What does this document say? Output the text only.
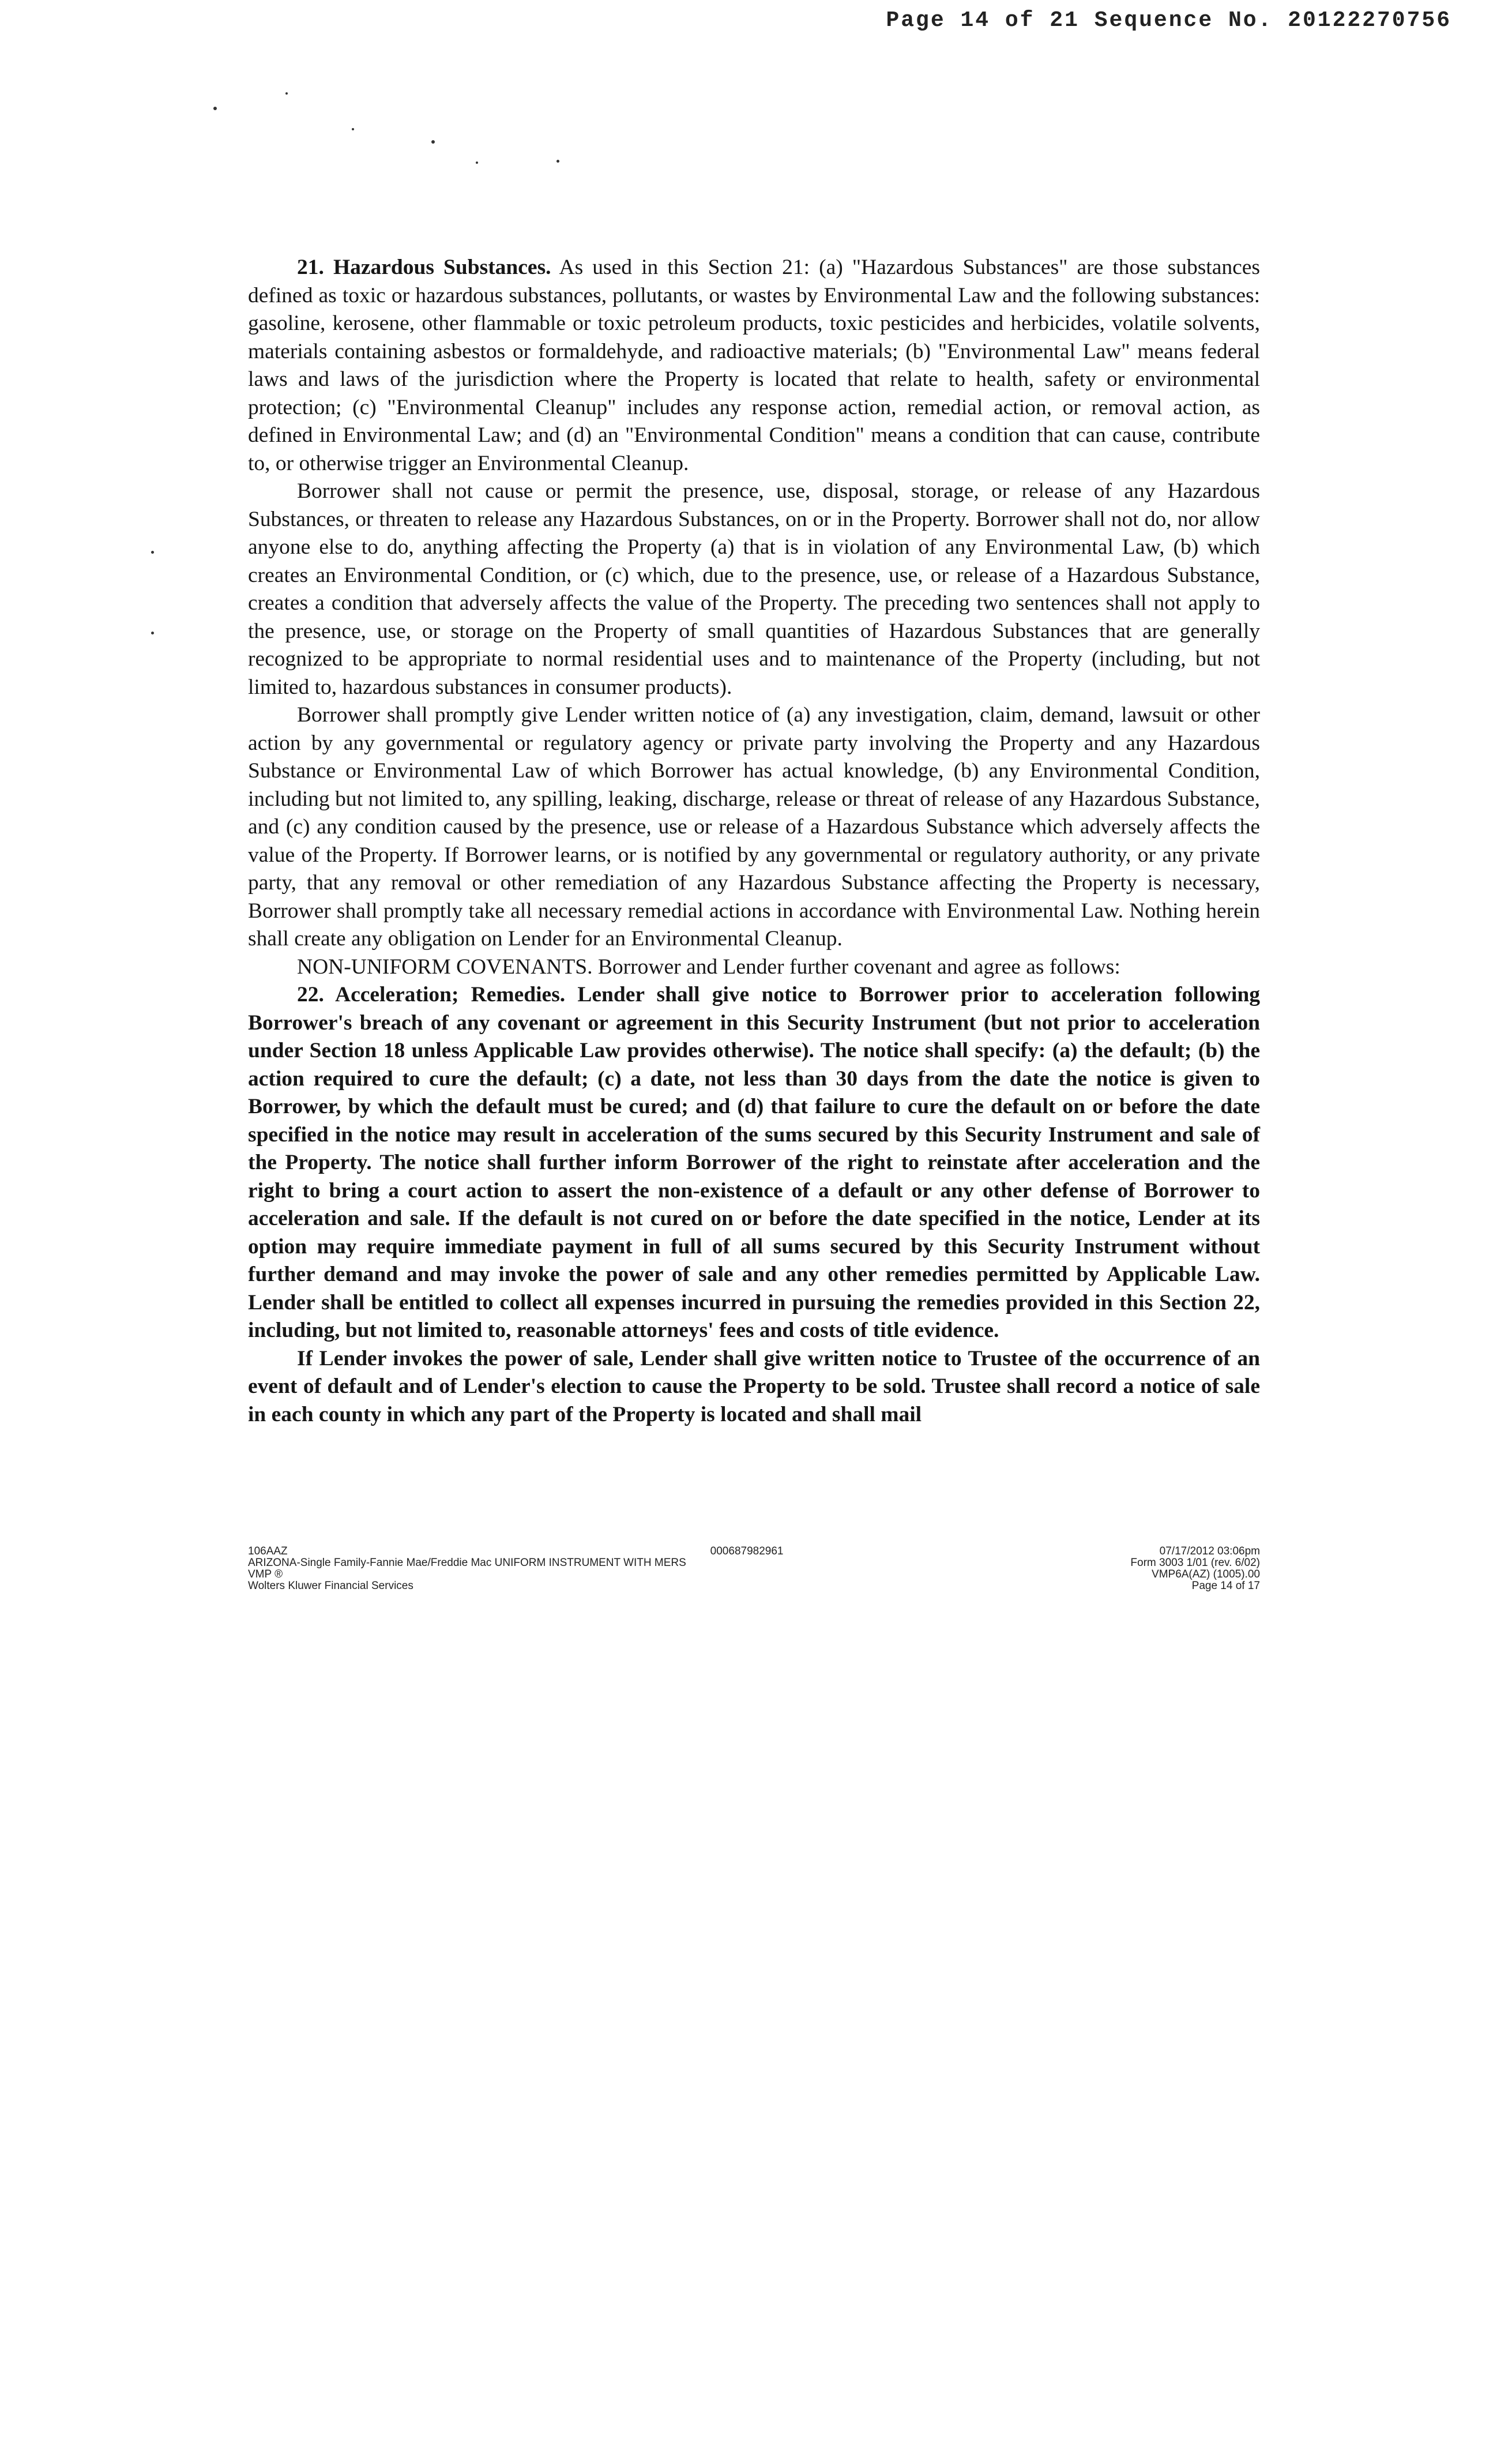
Page 14 of 21 Sequence No. 20122270756

21. Hazardous Substances. As used in this Section 21: (a) "Hazardous Substances" are those substances defined as toxic or hazardous substances, pollutants, or wastes by Environmental Law and the following substances: gasoline, kerosene, other flammable or toxic petroleum products, toxic pesticides and herbicides, volatile solvents, materials containing asbestos or formaldehyde, and radioactive materials; (b) "Environmental Law" means federal laws and laws of the jurisdiction where the Property is located that relate to health, safety or environmental protection; (c) "Environmental Cleanup" includes any response action, remedial action, or removal action, as defined in Environmental Law; and (d) an "Environmental Condition" means a condition that can cause, contribute to, or otherwise trigger an Environmental Cleanup.

Borrower shall not cause or permit the presence, use, disposal, storage, or release of any Hazardous Substances, or threaten to release any Hazardous Substances, on or in the Property. Borrower shall not do, nor allow anyone else to do, anything affecting the Property (a) that is in violation of any Environmental Law, (b) which creates an Environmental Condition, or (c) which, due to the presence, use, or release of a Hazardous Substance, creates a condition that adversely affects the value of the Property. The preceding two sentences shall not apply to the presence, use, or storage on the Property of small quantities of Hazardous Substances that are generally recognized to be appropriate to normal residential uses and to maintenance of the Property (including, but not limited to, hazardous substances in consumer products).

Borrower shall promptly give Lender written notice of (a) any investigation, claim, demand, lawsuit or other action by any governmental or regulatory agency or private party involving the Property and any Hazardous Substance or Environmental Law of which Borrower has actual knowledge, (b) any Environmental Condition, including but not limited to, any spilling, leaking, discharge, release or threat of release of any Hazardous Substance, and (c) any condition caused by the presence, use or release of a Hazardous Substance which adversely affects the value of the Property. If Borrower learns, or is notified by any governmental or regulatory authority, or any private party, that any removal or other remediation of any Hazardous Substance affecting the Property is necessary, Borrower shall promptly take all necessary remedial actions in accordance with Environmental Law. Nothing herein shall create any obligation on Lender for an Environmental Cleanup.

NON-UNIFORM COVENANTS. Borrower and Lender further covenant and agree as follows:

22. Acceleration; Remedies. Lender shall give notice to Borrower prior to acceleration following Borrower's breach of any covenant or agreement in this Security Instrument (but not prior to acceleration under Section 18 unless Applicable Law provides otherwise). The notice shall specify: (a) the default; (b) the action required to cure the default; (c) a date, not less than 30 days from the date the notice is given to Borrower, by which the default must be cured; and (d) that failure to cure the default on or before the date specified in the notice may result in acceleration of the sums secured by this Security Instrument and sale of the Property. The notice shall further inform Borrower of the right to reinstate after acceleration and the right to bring a court action to assert the non-existence of a default or any other defense of Borrower to acceleration and sale. If the default is not cured on or before the date specified in the notice, Lender at its option may require immediate payment in full of all sums secured by this Security Instrument without further demand and may invoke the power of sale and any other remedies permitted by Applicable Law. Lender shall be entitled to collect all expenses incurred in pursuing the remedies provided in this Section 22, including, but not limited to, reasonable attorneys' fees and costs of title evidence.

If Lender invokes the power of sale, Lender shall give written notice to Trustee of the occurrence of an event of default and of Lender's election to cause the Property to be sold. Trustee shall record a notice of sale in each county in which any part of the Property is located and shall mail

106AAZ
ARIZONA-Single Family-Fannie Mae/Freddie Mac UNIFORM INSTRUMENT WITH MERS
VMP ®
Wolters Kluwer Financial Services
000687982961	07/17/2012 03:06pm
Form 3003 1/01 (rev. 6/02)
VMP6A(AZ) (1005).00
Page 14 of 17
